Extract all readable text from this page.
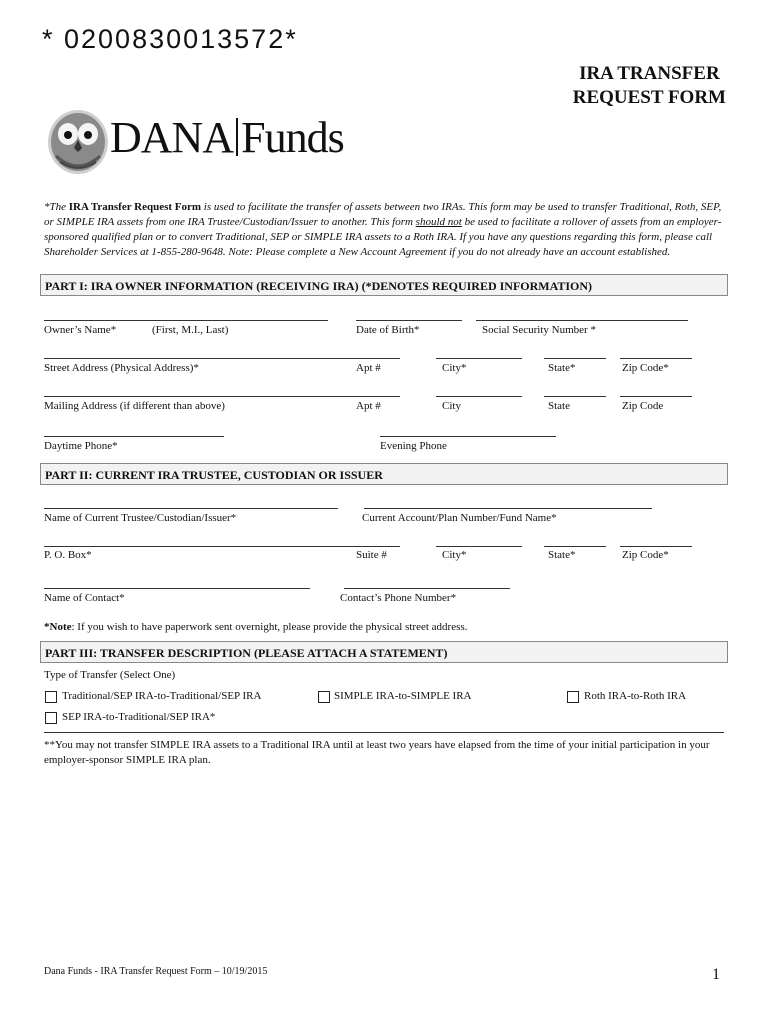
* 0200830013572*
IRA TRANSFER
REQUEST FORM
DANA Funds
*The IRA Transfer Request Form is used to facilitate the transfer of assets between two IRAs. This form may be used to transfer Traditional, Roth, SEP, or SIMPLE IRA assets from one IRA Trustee/Custodian/Issuer to another. This form should not be used to facilitate a rollover of assets from an employer-sponsored qualified plan or to convert Traditional, SEP or SIMPLE IRA assets to a Roth IRA. If you have any questions regarding this form, please call Shareholder Services at 1-855-280-9648. Note: Please complete a New Account Agreement if you do not already have an account established.
PART I: IRA OWNER INFORMATION (RECEIVING IRA) (*DENOTES REQUIRED INFORMATION)
Owner’s Name*	(First, M.I., Last)	Date of Birth*	Social Security Number *
Street Address (Physical Address)*	Apt #	City*	State*	Zip Code*
Mailing Address (if different than above)	Apt #	City	State	Zip Code
Daytime Phone*	Evening Phone
PART II: CURRENT IRA TRUSTEE, CUSTODIAN OR ISSUER
Name of Current Trustee/Custodian/Issuer*	Current Account/Plan Number/Fund Name*
P. O. Box*	Suite #	City*	State*	Zip Code*
Name of Contact*	Contact’s Phone Number*
*Note: If you wish to have paperwork sent overnight, please provide the physical street address.
PART III: TRANSFER DESCRIPTION (PLEASE ATTACH A STATEMENT)
Type of Transfer (Select One)
Traditional/SEP IRA-to-Traditional/SEP IRA	SIMPLE IRA-to-SIMPLE IRA	Roth IRA-to-Roth IRA
SEP IRA-to-Traditional/SEP IRA*
**You may not transfer SIMPLE IRA assets to a Traditional IRA until at least two years have elapsed from the time of your initial participation in your employer-sponsor SIMPLE IRA plan.
Dana Funds - IRA Transfer Request Form – 10/19/2015	1
